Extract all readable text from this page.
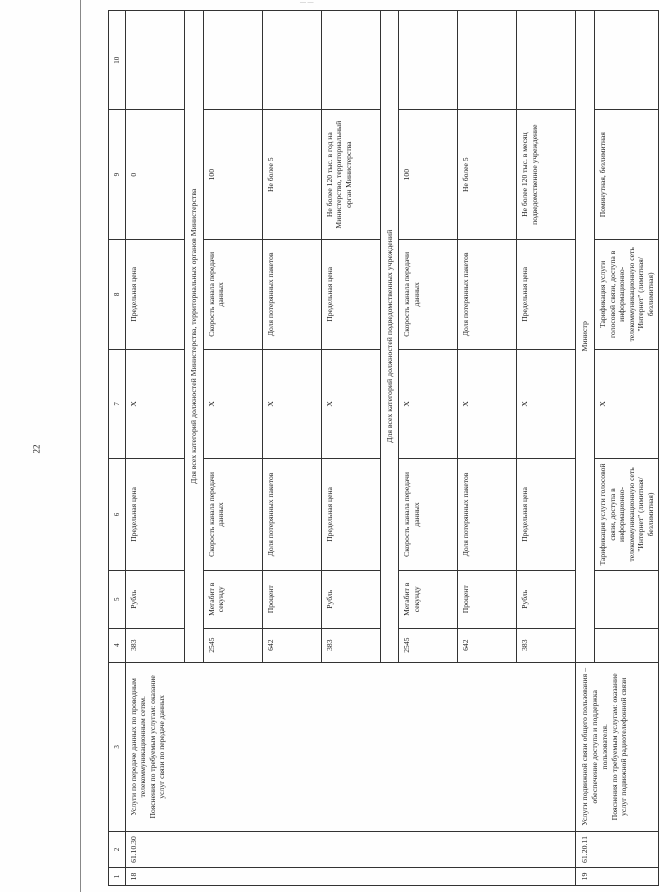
— —
22
1	2	3	4	5	6	7	8	9	10
18	61.10.30	Услуги по передаче данных по проводным телекоммуникационным сетям. Пояснения по требуемым услугам: оказание услуг связи по передаче данных	383	Рубль	Предельная цена	X	Предельная цена	0	
			Для всех категорий должностей Министерства, территориальных органов Министерства						
			2545	Мегабит в секунду	Скорость канала передачи данных	X	Скорость канала передачи данных	100	
			642	Процент	Доля потерянных пакетов	X	Доля потерянных пакетов	Не более 5	
			383	Рубль	Предельная цена	X	Предельная цена	Не более 120 тыс. в год на Министерство, территориальный орган Министерства	
			Для всех категорий должностей подведомственных учреждений						
			2545	Мегабит в секунду	Скорость канала передачи данных	X	Скорость канала передачи данных	100	
			642	Процент	Доля потерянных пакетов	X	Доля потерянных пакетов	Не более 5	
			383	Рубль	Предельная цена	X	Предельная цена	Не более 120 тыс. в месяц подведомственное учреждение	
19	61.20.11	Услуги подвижной связи общего пользования – обеспечение доступа и поддержка пользователя. Пояснения по требуемым услугам: оказание услуг подвижной радиотелефонной связи	Министр						
					Тарификация услуги голосовой связи, доступа в информационно-телекоммуникационную сеть "Интернет" (лимитная/безлимитная)	X	Тарификация услуги голосовой связи, доступа в информационно-телекоммуникационную сеть "Интернет" (лимитная/безлимитная)	Поминутная, безлимитная	
